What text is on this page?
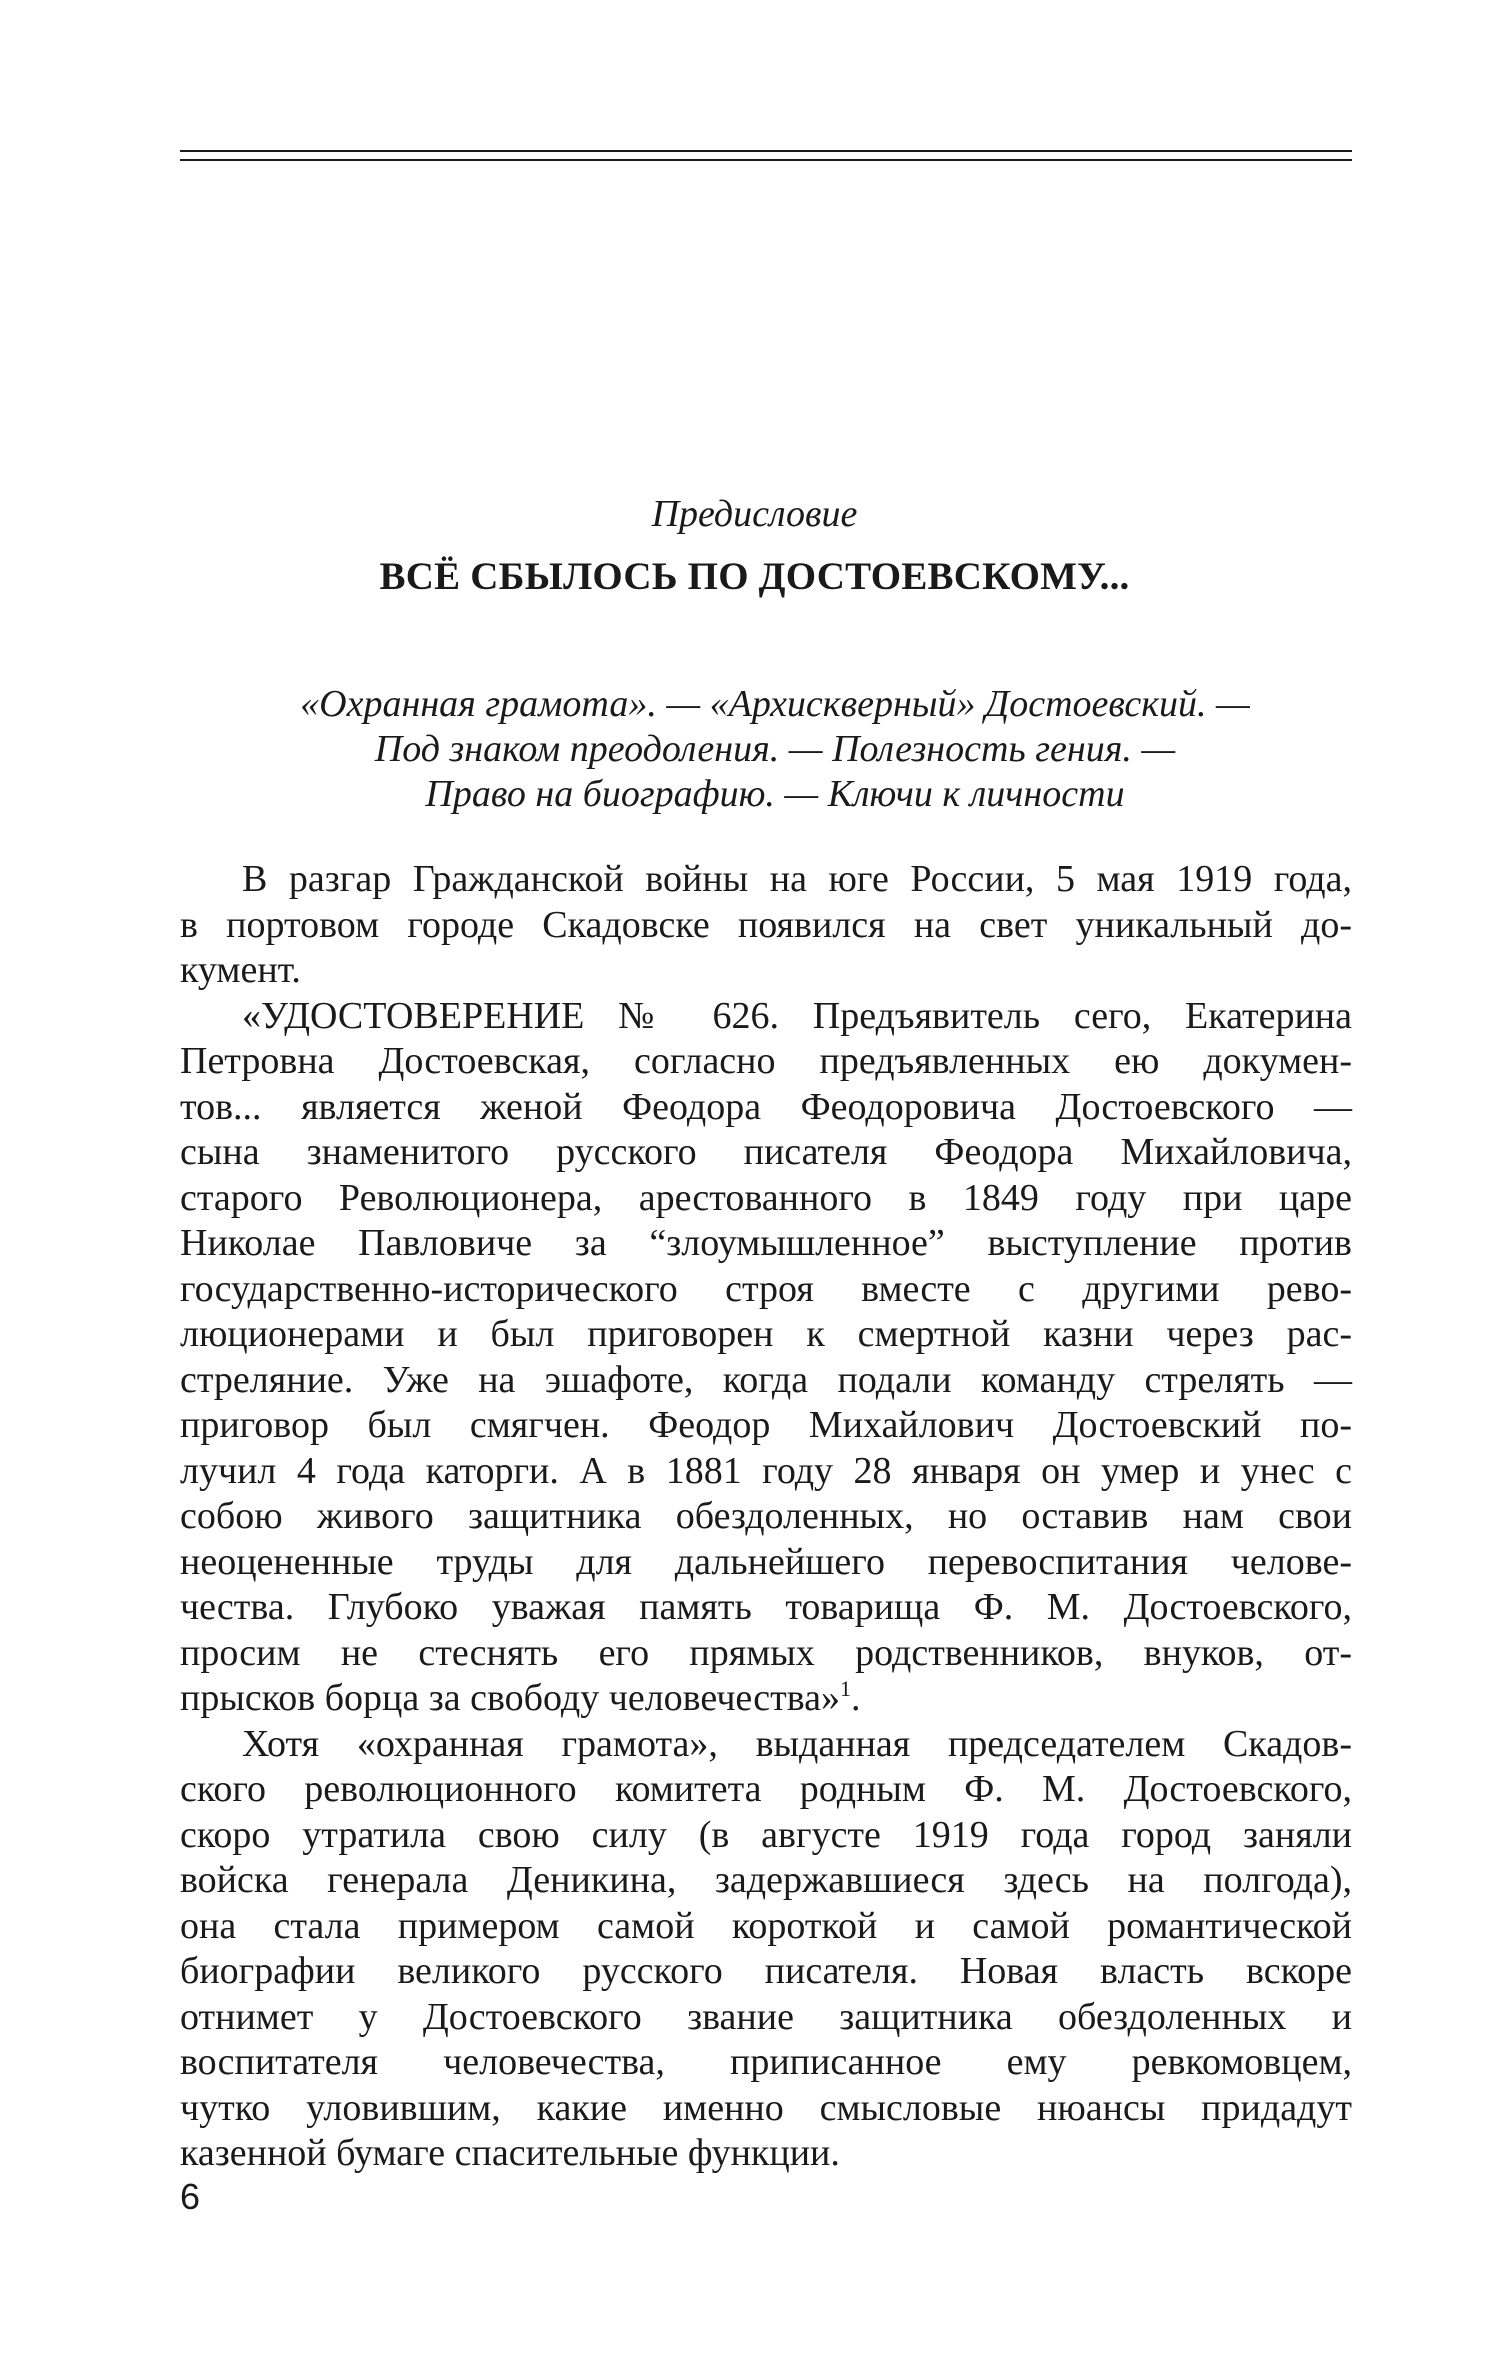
Предисловие
ВСЁ СБЫЛОСЬ ПО ДОСТОЕВСКОМУ...
«Охранная грамота». — «Архискверный» Достоевский. —
Под знаком преодоления. — Полезность гения. —
Право на биографию. — Ключи к личности
В разгар Гражданской войны на юге России, 5 мая 1919 года,
в портовом городе Скадовске появился на свет уникальный до-
кумент.
«УДОСТОВЕРЕНИЕ № 626. Предъявитель сего, Екатерина
Петровна Достоевская, согласно предъявленных ею докумен-
тов... является женой Феодора Феодоровича Достоевского —
сына знаменитого русского писателя Феодора Михайловича,
старого Революционера, арестованного в 1849 году при царе
Николае Павловиче за “злоумышленное” выступление против
государственно-исторического строя вместе с другими рево-
люционерами и был приговорен к смертной казни через рас-
стреляние. Уже на эшафоте, когда подали команду стрелять —
приговор был смягчен. Феодор Михайлович Достоевский по-
лучил 4 года каторги. А в 1881 году 28 января он умер и унес с
собою живого защитника обездоленных, но оставив нам свои
неоцененные труды для дальнейшего перевоспитания челове-
чества. Глубоко уважая память товарища Ф. М. Достоевского,
просим не стеснять его прямых родственников, внуков, от-
прысков борца за свободу человечества»$^1$.
Хотя «охранная грамота», выданная председателем Скадов-
ского революционного комитета родным Ф. М. Достоевского,
скоро утратила свою силу (в августе 1919 года город заняли
войска генерала Деникина, задержавшиеся здесь на полгода),
она стала примером самой короткой и самой романтической
биографии великого русского писателя. Новая власть вскоре
отнимет у Достоевского звание защитника обездоленных и
воспитателя человечества, приписанное ему ревкомовцем,
чутко уловившим, какие именно смысловые нюансы придадут
казенной бумаге спасительные функции.
6
